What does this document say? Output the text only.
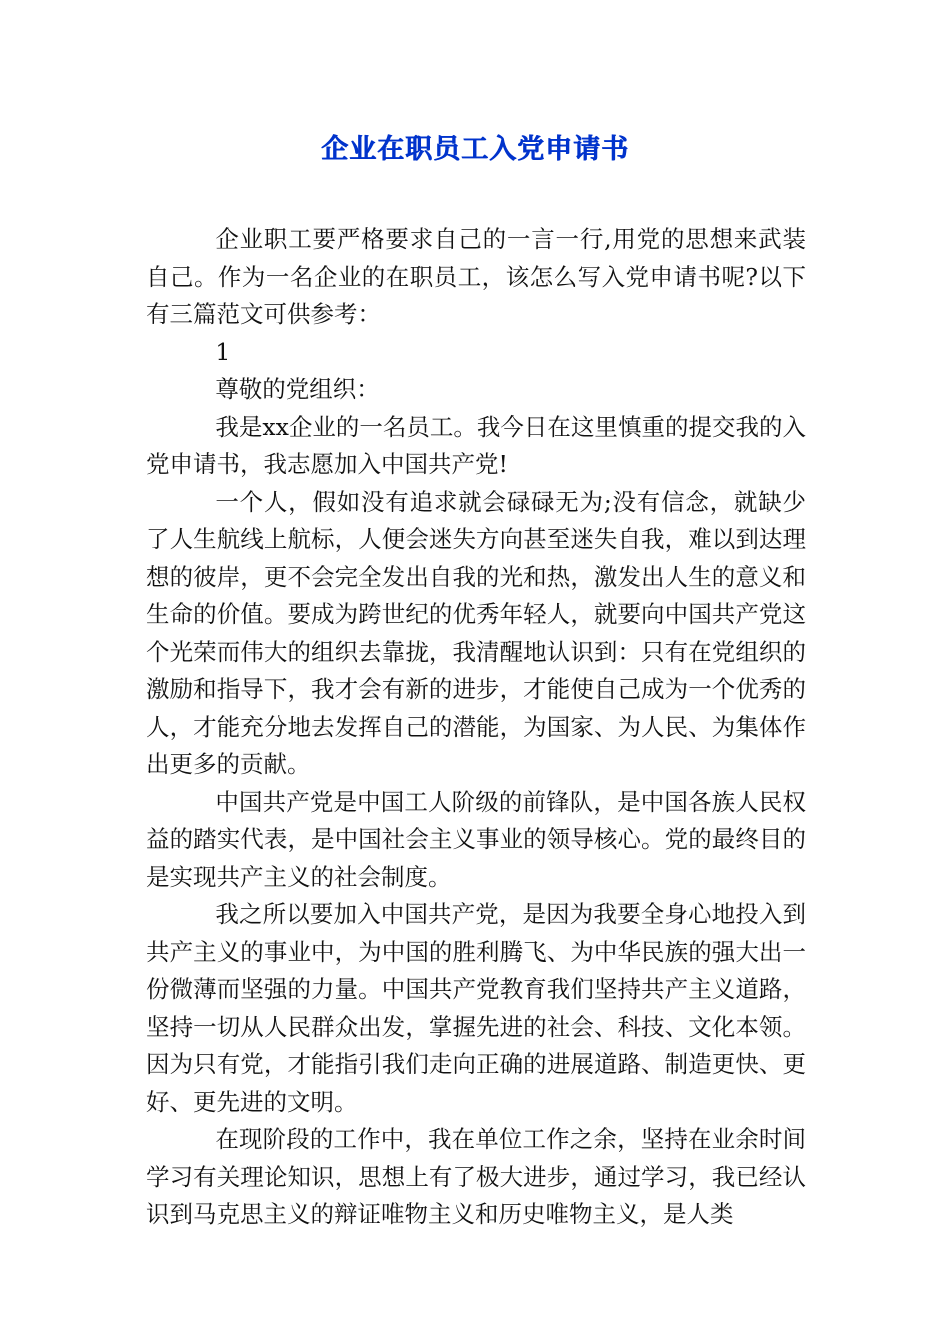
企业在职员工入党申请书

企业职工要严格要求自己的一言一行,用党的思想来武装自己。作为一名企业的在职员工，该怎么写入党申请书呢?以下有三篇范文可供参考：

1

尊敬的党组织：

我是xx企业的一名员工。我今日在这里慎重的提交我的入党申请书，我志愿加入中国共产党!

一个人，假如没有追求就会碌碌无为;没有信念，就缺少了人生航线上航标，人便会迷失方向甚至迷失自我，难以到达理想的彼岸，更不会完全发出自我的光和热，激发出人生的意义和生命的价值。要成为跨世纪的优秀年轻人，就要向中国共产党这个光荣而伟大的组织去靠拢，我清醒地认识到：只有在党组织的激励和指导下，我才会有新的进步，才能使自己成为一个优秀的人，才能充分地去发挥自己的潜能，为国家、为人民、为集体作出更多的贡献。

中国共产党是中国工人阶级的前锋队，是中国各族人民权益的踏实代表，是中国社会主义事业的领导核心。党的最终目的是实现共产主义的社会制度。

我之所以要加入中国共产党，是因为我要全身心地投入到共产主义的事业中，为中国的胜利腾飞、为中华民族的强大出一份微薄而坚强的力量。中国共产党教育我们坚持共产主义道路，坚持一切从人民群众出发，掌握先进的社会、科技、文化本领。因为只有党，才能指引我们走向正确的进展道路、制造更快、更好、更先进的文明。

在现阶段的工作中，我在单位工作之余，坚持在业余时间学习有关理论知识，思想上有了极大进步，通过学习，我已经认识到马克思主义的辩证唯物主义和历史唯物主义，是人类
